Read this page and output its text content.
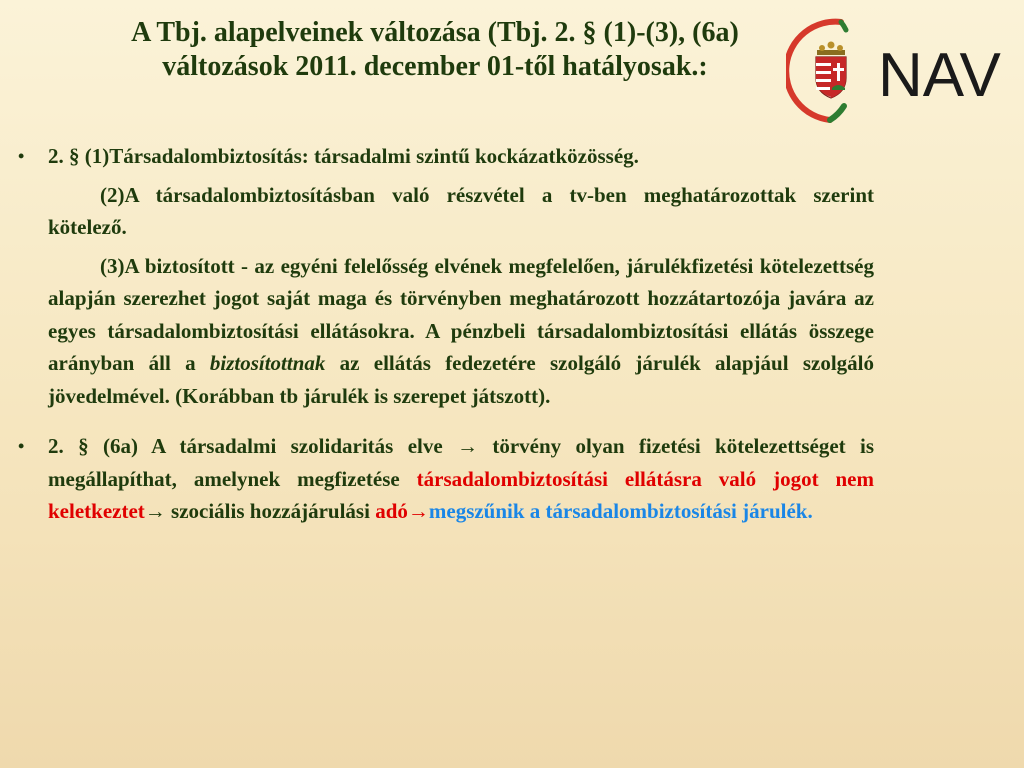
A Tbj. alapelveinek változása (Tbj. 2. § (1)-(3), (6a)
változások 2011. december 01-től hatályosak.:	NAV
• 2. § (1)Társadalombiztosítás: társadalmi szintű kockázatközösség.

(2)A társadalombiztosításban való részvétel a tv-ben meghatározottak szerint kötelező.

(3)A biztosított - az egyéni felelősség elvének megfelelően, járulékfizetési kötelezettség alapján szerezhet jogot saját maga és törvényben meghatározott hozzátartozója javára az egyes társadalombiztosítási ellátásokra. A pénzbeli társadalombiztosítási ellátás összege arányban áll a biztosítottnak az ellátás fedezetére szolgáló járulék alapjául szolgáló jövedelmével. (Korábban tb járulék is szerepet játszott).

• 2. § (6a) A társadalmi szolidaritás elve → törvény olyan fizetési kötelezettséget is megállapíthat, amelynek megfizetése társadalombiztosítási ellátásra való jogot nem keletkeztet→ szociális hozzájárulási adó→megszűnik a társadalombiztosítási járulék.
